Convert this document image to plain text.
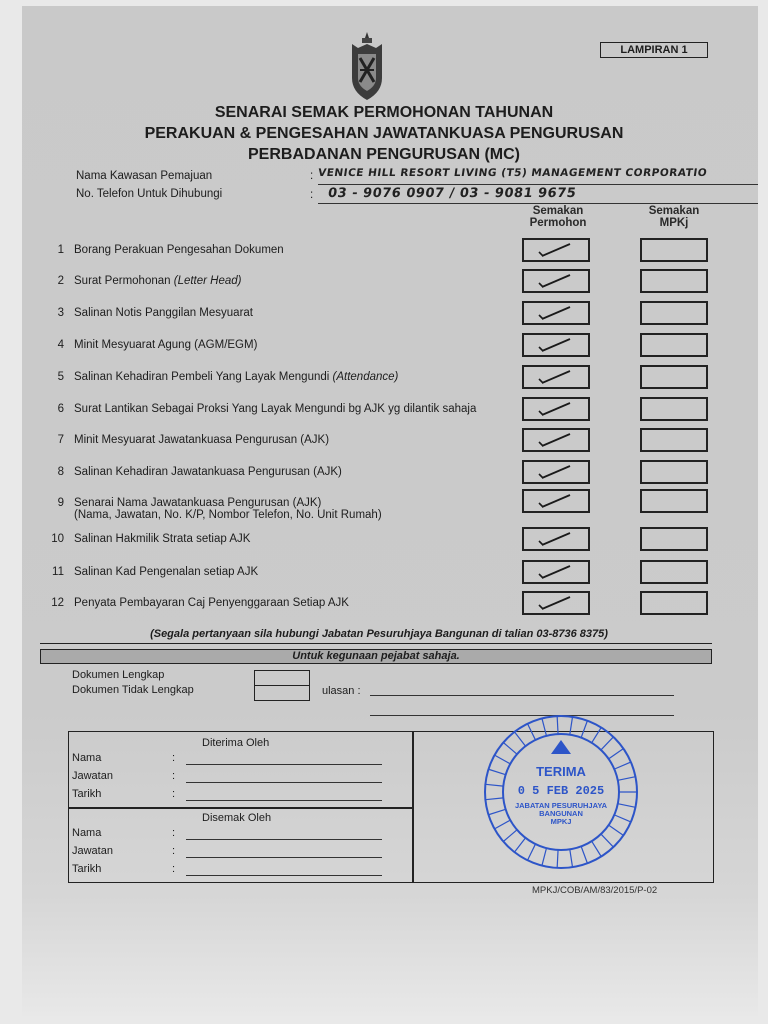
LAMPIRAN 1
SENARAI SEMAK PERMOHONAN TAHUNAN
PERAKUAN & PENGESAHAN JAWATANKUASA PENGURUSAN
PERBADANAN PENGURUSAN (MC)
Nama Kawasan Pemajuan	: VENICE HILL RESORT LIVING (T5) MANAGEMENT CORPORATIO
No. Telefon Untuk Dihubungi	: 03 - 9076 0907 / 03 - 9081 9675
Semakan Permohon
Semakan MPKj
1 Borang Perakuan Pengesahan Dokumen
2 Surat Permohonan (Letter Head)
3 Salinan Notis Panggilan Mesyuarat
4 Minit Mesyuarat Agung (AGM/EGM)
5 Salinan Kehadiran Pembeli Yang Layak Mengundi (Attendance)
6 Surat Lantikan Sebagai Proksi Yang Layak Mengundi bg AJK yg dilantik sahaja
7 Minit Mesyuarat Jawatankuasa Pengurusan (AJK)
8 Salinan Kehadiran Jawatankuasa Pengurusan (AJK)
9 Senarai Nama Jawatankuasa Pengurusan (AJK)
(Nama, Jawatan, No. K/P, Nombor Telefon, No. Unit Rumah)
10 Salinan Hakmilik Strata setiap AJK
11 Salinan Kad Pengenalan setiap AJK
12 Penyata Pembayaran Caj Penyenggaraan Setiap AJK
(Segala pertanyaan sila hubungi Jabatan Pesuruhjaya Bangunan di talian 03-8736 8375)
Untuk kegunaan pejabat sahaja.
Dokumen Lengkap
Dokumen Tidak Lengkap	ulasan :
Diterima Oleh
Nama	:
Jawatan	:
Tarikh	:
Disemak Oleh
Nama	:
Jawatan	:
Tarikh	:
TERIMA
0 5 FEB 2025
JABATAN PESURUHJAYA
BANGUNAN
MPKJ
MPKJ/COB/AM/83/2015/P-02
